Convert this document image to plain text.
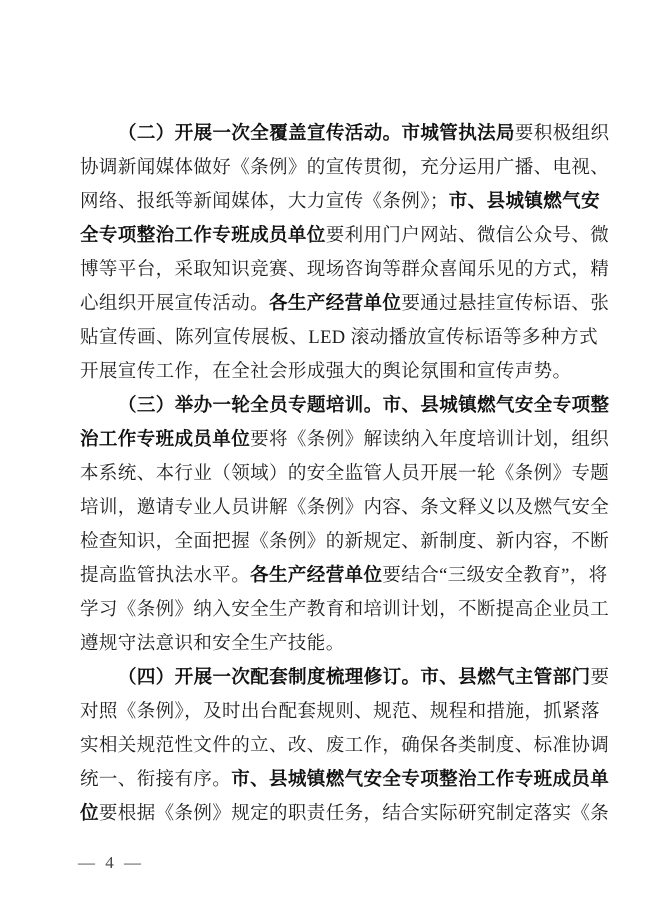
（二）开展一次全覆盖宣传活动。市城管执法局要积极组织
协调新闻媒体做好《条例》的宣传贯彻，充分运用广播、电视、
网络、报纸等新闻媒体，大力宣传《条例》；市、县城镇燃气安
全专项整治工作专班成员单位要利用门户网站、微信公众号、微
博等平台，采取知识竞赛、现场咨询等群众喜闻乐见的方式，精
心组织开展宣传活动。各生产经营单位要通过悬挂宣传标语、张
贴宣传画、陈列宣传展板、LED 滚动播放宣传标语等多种方式
开展宣传工作，在全社会形成强大的舆论氛围和宣传声势。
（三）举办一轮全员专题培训。市、县城镇燃气安全专项整
治工作专班成员单位要将《条例》解读纳入年度培训计划，组织
本系统、本行业（领域）的安全监管人员开展一轮《条例》专题
培训，邀请专业人员讲解《条例》内容、条文释义以及燃气安全
检查知识，全面把握《条例》的新规定、新制度、新内容，不断
提高监管执法水平。各生产经营单位要结合“三级安全教育”，将
学习《条例》纳入安全生产教育和培训计划，不断提高企业员工
遵规守法意识和安全生产技能。
（四）开展一次配套制度梳理修订。市、县燃气主管部门要
对照《条例》，及时出台配套规则、规范、规程和措施，抓紧落
实相关规范性文件的立、改、废工作，确保各类制度、标准协调
统一、衔接有序。市、县城镇燃气安全专项整治工作专班成员单
位要根据《条例》规定的职责任务，结合实际研究制定落实《条
— 4 —
